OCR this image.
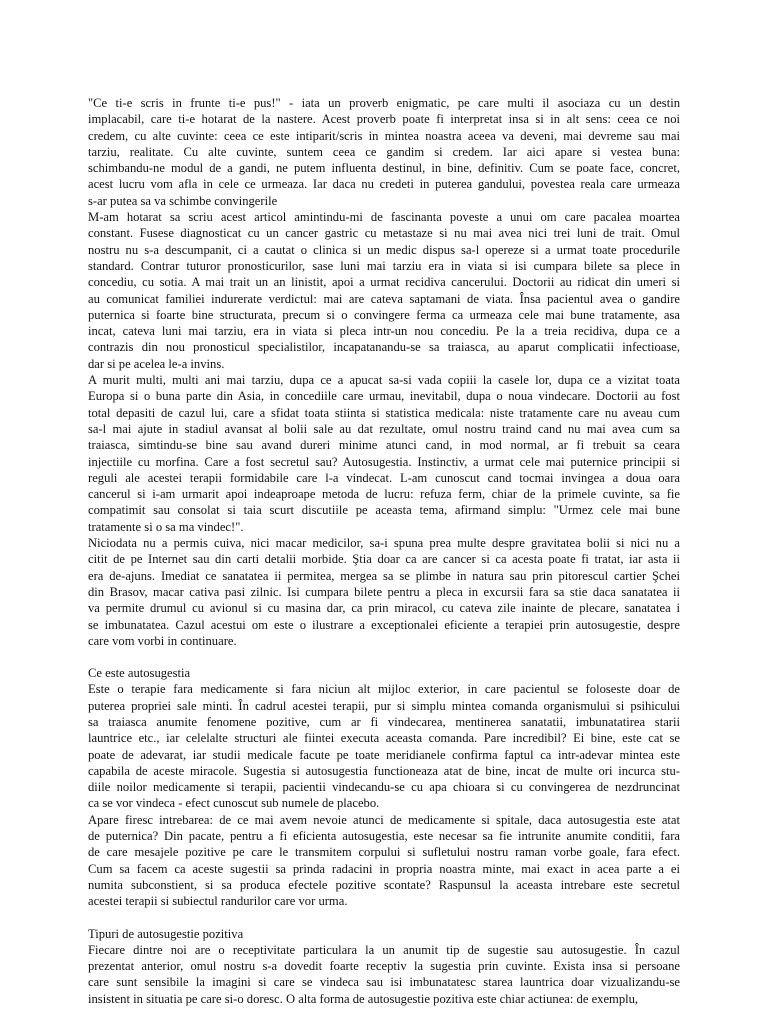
"Ce ti-e scris in frunte ti-e pus!" - iata un proverb enigmatic, pe care multi il asociaza cu un destin
implacabil, care ti-e hotarat de la nastere. Acest proverb poate fi interpretat insa si in alt sens: ceea ce noi
credem, cu alte cuvinte: ceea ce este intiparit/scris in mintea noastra aceea va deveni, mai devreme sau mai
tarziu, realitate. Cu alte cuvinte, suntem ceea ce gandim si credem. Iar aici apare si vestea buna:
schimbandu-ne modul de a gandi, ne putem influenta destinul, in bine, definitiv. Cum se poate face, concret,
acest lucru vom afla in cele ce urmeaza. Iar daca nu credeti in puterea gandului, povestea reala care urmeaza
s-ar putea sa va schimbe convingerile
M-am hotarat sa scriu acest articol amintindu-mi de fascinanta poveste a unui om care pacalea moartea
constant. Fusese diagnosticat cu un cancer gastric cu metastaze si nu mai avea nici trei luni de trait. Omul
nostru nu s-a descumpanit, ci a cautat o clinica si un medic dispus sa-l opereze si a urmat toate procedurile
standard. Contrar tuturor pronosticurilor, sase luni mai tarziu era in viata si isi cumpara bilete sa plece in
concediu, cu sotia. A mai trait un an linistit, apoi a urmat recidiva cancerului. Doctorii au ridicat din umeri si
au comunicat familiei indurerate verdictul: mai are cateva saptamani de viata. Însa pacientul avea o gandire
puternica si foarte bine structurata, precum si o convingere ferma ca urmeaza cele mai bune tratamente, asa
incat, cateva luni mai tarziu, era in viata si pleca intr-un nou concediu. Pe la a treia recidiva, dupa ce a
contrazis din nou pronosticul specialistilor, incapatanandu-se sa traiasca, au aparut complicatii infectioase,
dar si pe acelea le-a invins.
A murit multi, multi ani mai tarziu, dupa ce a apucat sa-si vada copiii la casele lor, dupa ce a vizitat toata
Europa si o buna parte din Asia, in concediile care urmau, inevitabil, dupa o noua vindecare. Doctorii au fost
total depasiti de cazul lui, care a sfidat toata stiinta si statistica medicala: niste tratamente care nu aveau cum
sa-l mai ajute in stadiul avansat al bolii sale au dat rezultate, omul nostru traind cand nu mai avea cum sa
traiasca, simtindu-se bine sau avand dureri minime atunci cand, in mod normal, ar fi trebuit sa ceara
injectiile cu morfina. Care a fost secretul sau? Autosugestia. Instinctiv, a urmat cele mai puternice principii si
reguli ale acestei terapii formidabile care l-a vindecat. L-am cunoscut cand tocmai invingea a doua oara
cancerul si i-am urmarit apoi indeaproape metoda de lucru: refuza ferm, chiar de la primele cuvinte, sa fie
compatimit sau consolat si taia scurt discutiile pe aceasta tema, afirmand simplu: "Urmez cele mai bune
tratamente si o sa ma vindec!".
Niciodata nu a permis cuiva, nici macar medicilor, sa-i spuna prea multe despre gravitatea bolii si nici nu a
citit de pe Internet sau din carti detalii morbide. Ştia doar ca are cancer si ca acesta poate fi tratat, iar asta ii
era de-ajuns. Imediat ce sanatatea ii permitea, mergea sa se plimbe in natura sau prin pitorescul cartier Şchei
din Brasov, macar cativa pasi zilnic. Isi cumpara bilete pentru a pleca in excursii fara sa stie daca sanatatea ii
va permite drumul cu avionul si cu masina dar, ca prin miracol, cu cateva zile inainte de plecare, sanatatea i
se imbunatatea. Cazul acestui om este o ilustrare a exceptionalei eficiente a terapiei prin autosugestie, despre
care vom vorbi in continuare.
Ce este autosugestia
Este o terapie fara medicamente si fara niciun alt mijloc exterior, in care pacientul se foloseste doar de
puterea propriei sale minti. În cadrul acestei terapii, pur si simplu mintea comanda organismului si psihicului
sa traiasca anumite fenomene pozitive, cum ar fi vindecarea, mentinerea sanatatii, imbunatatirea starii
launtrice etc., iar celelalte structuri ale fiintei executa aceasta comanda. Pare incredibil? Ei bine, este cat se
poate de adevarat, iar studii medicale facute pe toate meridianele confirma faptul ca intr-adevar mintea este
capabila de aceste miracole. Sugestia si autosugestia functioneaza atat de bine, incat de multe ori incurca stu-
diile noilor medicamente si terapii, pacientii vindecandu-se cu apa chioara si cu convingerea de nezdruncinat
ca se vor vindeca - efect cunoscut sub numele de placebo.
Apare firesc intrebarea: de ce mai avem nevoie atunci de medicamente si spitale, daca autosugestia este atat
de puternica? Din pacate, pentru a fi eficienta autosugestia, este necesar sa fie intrunite anumite conditii, fara
de care mesajele pozitive pe care le transmitem corpului si sufletului nostru raman vorbe goale, fara efect.
Cum sa facem ca aceste sugestii sa prinda radacini in propria noastra minte, mai exact in acea parte a ei
numita subconstient, si sa produca efectele pozitive scontate? Raspunsul la aceasta intrebare este secretul
acestei terapii si subiectul randurilor care vor urma.
Tipuri de autosugestie pozitiva
Fiecare dintre noi are o receptivitate particulara la un anumit tip de sugestie sau autosugestie. În cazul
prezentat anterior, omul nostru s-a dovedit foarte receptiv la sugestia prin cuvinte. Exista insa si persoane
care sunt sensibile la imagini si care se vindeca sau isi imbunatatesc starea launtrica doar vizualizandu-se
insistent in situatia pe care si-o doresc. O alta forma de autosugestie pozitiva este chiar actiunea: de exemplu,
